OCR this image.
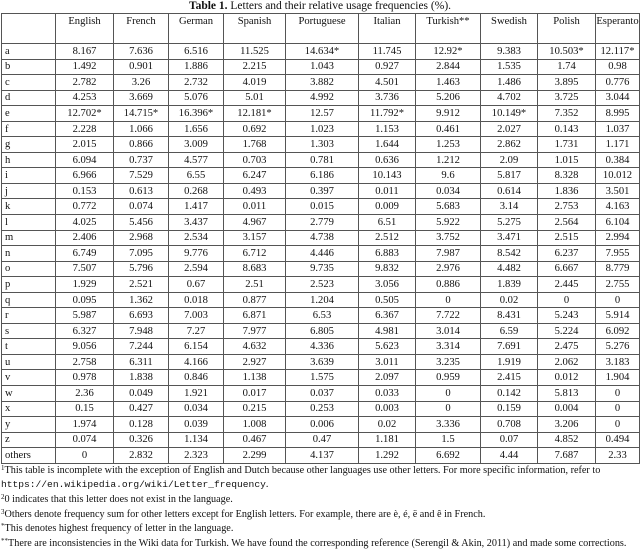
Table 1. Letters and their relative usage frequencies (%).
	English	French	German	Spanish	Portuguese	Italian	Turkish**	Swedish	Polish	Esperanto
a	8.167	7.636	6.516	11.525	14.634*	11.745	12.92*	9.383	10.503*	12.117*
b	1.492	0.901	1.886	2.215	1.043	0.927	2.844	1.535	1.74	0.98
c	2.782	3.26	2.732	4.019	3.882	4.501	1.463	1.486	3.895	0.776
d	4.253	3.669	5.076	5.01	4.992	3.736	5.206	4.702	3.725	3.044
e	12.702*	14.715*	16.396*	12.181*	12.57	11.792*	9.912	10.149*	7.352	8.995
f	2.228	1.066	1.656	0.692	1.023	1.153	0.461	2.027	0.143	1.037
g	2.015	0.866	3.009	1.768	1.303	1.644	1.253	2.862	1.731	1.171
h	6.094	0.737	4.577	0.703	0.781	0.636	1.212	2.09	1.015	0.384
i	6.966	7.529	6.55	6.247	6.186	10.143	9.6	5.817	8.328	10.012
j	0.153	0.613	0.268	0.493	0.397	0.011	0.034	0.614	1.836	3.501
k	0.772	0.074	1.417	0.011	0.015	0.009	5.683	3.14	2.753	4.163
l	4.025	5.456	3.437	4.967	2.779	6.51	5.922	5.275	2.564	6.104
m	2.406	2.968	2.534	3.157	4.738	2.512	3.752	3.471	2.515	2.994
n	6.749	7.095	9.776	6.712	4.446	6.883	7.987	8.542	6.237	7.955
o	7.507	5.796	2.594	8.683	9.735	9.832	2.976	4.482	6.667	8.779
p	1.929	2.521	0.67	2.51	2.523	3.056	0.886	1.839	2.445	2.755
q	0.095	1.362	0.018	0.877	1.204	0.505	0	0.02	0	0
r	5.987	6.693	7.003	6.871	6.53	6.367	7.722	8.431	5.243	5.914
s	6.327	7.948	7.27	7.977	6.805	4.981	3.014	6.59	5.224	6.092
t	9.056	7.244	6.154	4.632	4.336	5.623	3.314	7.691	2.475	5.276
u	2.758	6.311	4.166	2.927	3.639	3.011	3.235	1.919	2.062	3.183
v	0.978	1.838	0.846	1.138	1.575	2.097	0.959	2.415	0.012	1.904
w	2.36	0.049	1.921	0.017	0.037	0.033	0	0.142	5.813	0
x	0.15	0.427	0.034	0.215	0.253	0.003	0	0.159	0.004	0
y	1.974	0.128	0.039	1.008	0.006	0.02	3.336	0.708	3.206	0
z	0.074	0.326	1.134	0.467	0.47	1.181	1.5	0.07	4.852	0.494
others	0	2.832	2.323	2.299	4.137	1.292	6.692	4.44	7.687	2.33

$^1$This table is incomplete with the exception of English and Dutch because other languages use other letters. For more specific information, refer to https://en.wikipedia.org/wiki/Letter_frequency.

$^2$0 indicates that this letter does not exist in the language.

$^3$Others denote frequency sum for other letters except for English letters. For example, there are è, é, ë and ê in French.

*This denotes highest frequency of letter in the language.

**There are inconsistencies in the Wiki data for Turkish. We have found the corresponding reference (Serengil & Akin, 2011) and made some corrections.
